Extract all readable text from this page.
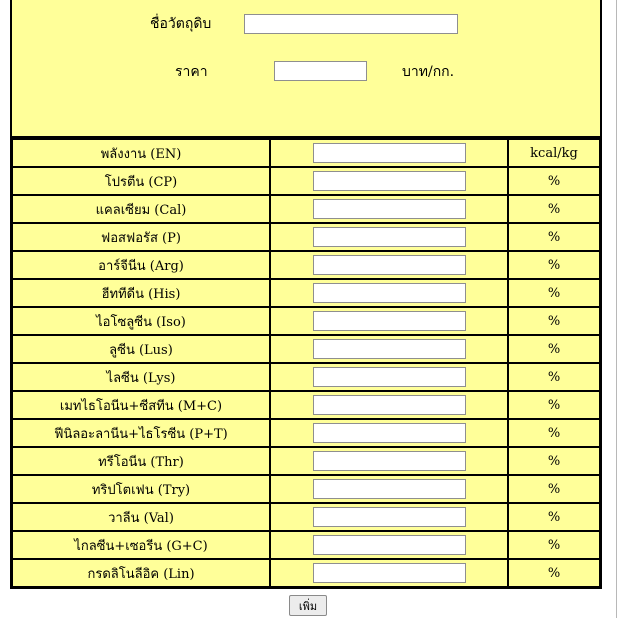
ชื่อวัตถุดิบ
ราคา	บาท/กก.
พลังงาน (EN)		kcal/kg
โปรตีน (CP)		%
แคลเซียม (Cal)		%
ฟอสฟอรัส (P)		%
อาร์จีนีน (Arg)		%
ฮีททีดีน (His)		%
ไอโซลูซีน (Iso)		%
ลูซีน (Lus)		%
ไลซีน (Lys)		%
เมทไธโอนีน+ซีสทีน (M+C)		%
ฟีนิลอะลานีน+ไธโรซีน (P+T)		%
ทรีโอนีน (Thr)		%
ทริปโตเฟน (Try)		%
วาลีน (Val)		%
ไกลซีน+เซอรีน (G+C)		%
กรดลิโนลีอิค (Lin)		%
เพิ่ม
